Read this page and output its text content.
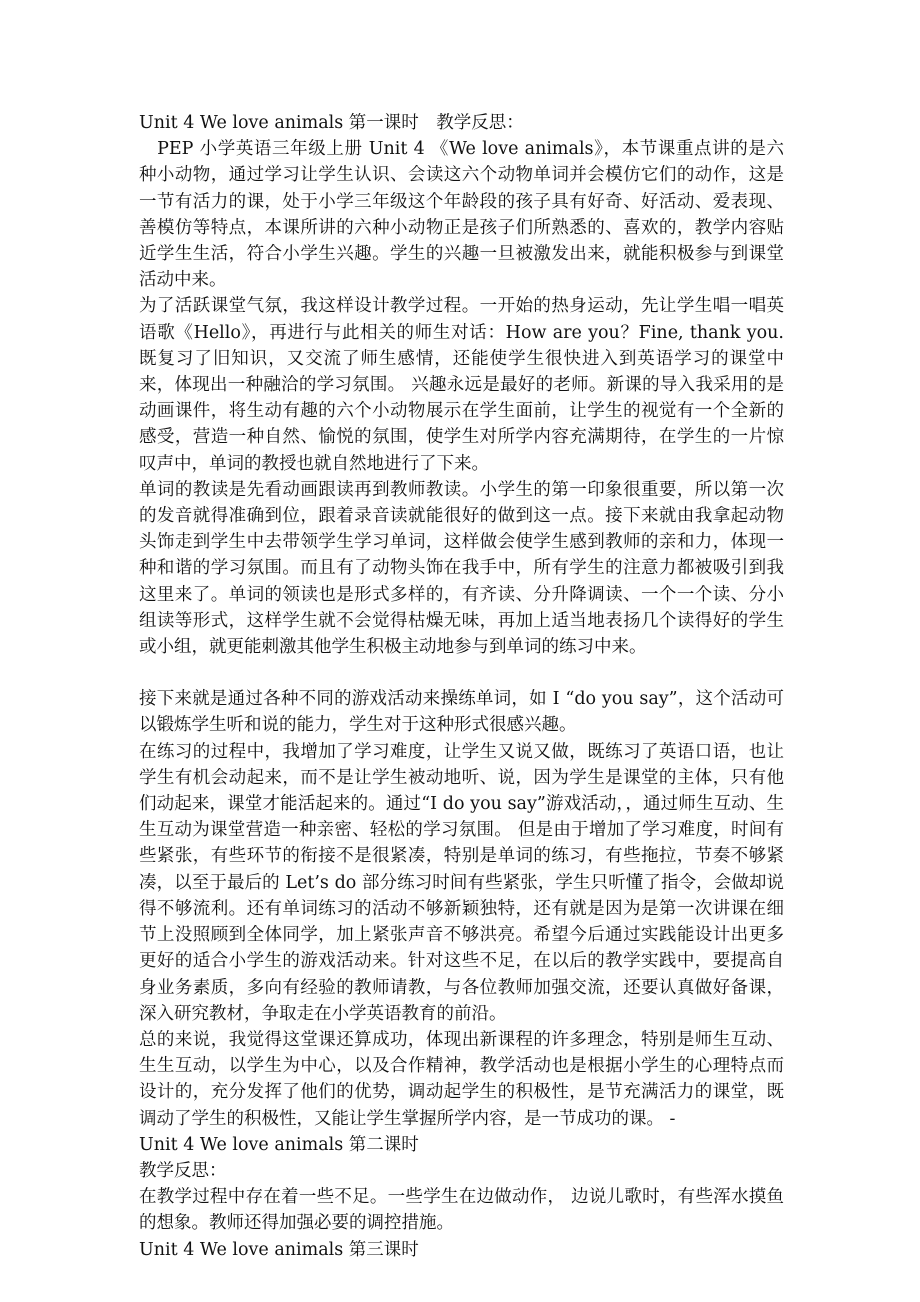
Unit 4 We love animals 第一课时　教学反思：

　PEP 小学英语三年级上册 Unit 4 《We love animals》，本节课重点讲的是六种小动物，通过学习让学生认识、会读这六个动物单词并会模仿它们的动作，这是一节有活力的课，处于小学三年级这个年龄段的孩子具有好奇、好活动、爱表现、善模仿等特点，本课所讲的六种小动物正是孩子们所熟悉的、喜欢的，教学内容贴近学生生活，符合小学生兴趣。学生的兴趣一旦被激发出来，就能积极参与到课堂活动中来。

为了活跃课堂气氛，我这样设计教学过程。一开始的热身运动，先让学生唱一唱英语歌《Hello》，再进行与此相关的师生对话：How are you？Fine, thank you.既复习了旧知识，又交流了师生感情，还能使学生很快进入到英语学习的课堂中来，体现出一种融洽的学习氛围。 兴趣永远是最好的老师。新课的导入我采用的是动画课件，将生动有趣的六个小动物展示在学生面前，让学生的视觉有一个全新的感受，营造一种自然、愉悦的氛围，使学生对所学内容充满期待，在学生的一片惊叹声中，单词的教授也就自然地进行了下来。

单词的教读是先看动画跟读再到教师教读。小学生的第一印象很重要，所以第一次的发音就得准确到位，跟着录音读就能很好的做到这一点。接下来就由我拿起动物头饰走到学生中去带领学生学习单词，这样做会使学生感到教师的亲和力，体现一种和谐的学习氛围。而且有了动物头饰在我手中，所有学生的注意力都被吸引到我这里来了。单词的领读也是形式多样的，有齐读、分升降调读、一个一个读、分小组读等形式，这样学生就不会觉得枯燥无味，再加上适当地表扬几个读得好的学生或小组，就更能刺激其他学生积极主动地参与到单词的练习中来。

接下来就是通过各种不同的游戏活动来操练单词，如 I “do you say”，这个活动可以锻炼学生听和说的能力，学生对于这种形式很感兴趣。

在练习的过程中，我增加了学习难度，让学生又说又做，既练习了英语口语，也让学生有机会动起来，而不是让学生被动地听、说，因为学生是课堂的主体，只有他们动起来，课堂才能活起来的。通过“I do you say”游戏活动，，通过师生互动、生生互动为课堂营造一种亲密、轻松的学习氛围。 但是由于增加了学习难度，时间有些紧张，有些环节的衔接不是很紧凑，特别是单词的练习，有些拖拉，节奏不够紧凑，以至于最后的 Let’s do 部分练习时间有些紧张，学生只听懂了指令，会做却说得不够流利。还有单词练习的活动不够新颖独特，还有就是因为是第一次讲课在细节上没照顾到全体同学，加上紧张声音不够洪亮。希望今后通过实践能设计出更多更好的适合小学生的游戏活动来。针对这些不足，在以后的教学实践中，要提高自身业务素质，多向有经验的教师请教，与各位教师加强交流，还要认真做好备课，深入研究教材，争取走在小学英语教育的前沿。

总的来说，我觉得这堂课还算成功，体现出新课程的许多理念，特别是师生互动、生生互动，以学生为中心，以及合作精神，教学活动也是根据小学生的心理特点而设计的，充分发挥了他们的优势，调动起学生的积极性，是节充满活力的课堂，既调动了学生的积极性，又能让学生掌握所学内容，是一节成功的课。 -

Unit 4 We love animals 第二课时

教学反思：

在教学过程中存在着一些不足。一些学生在边做动作， 边说儿歌时，有些浑水摸鱼的想象。教师还得加强必要的调控措施。

Unit 4 We love animals 第三课时
